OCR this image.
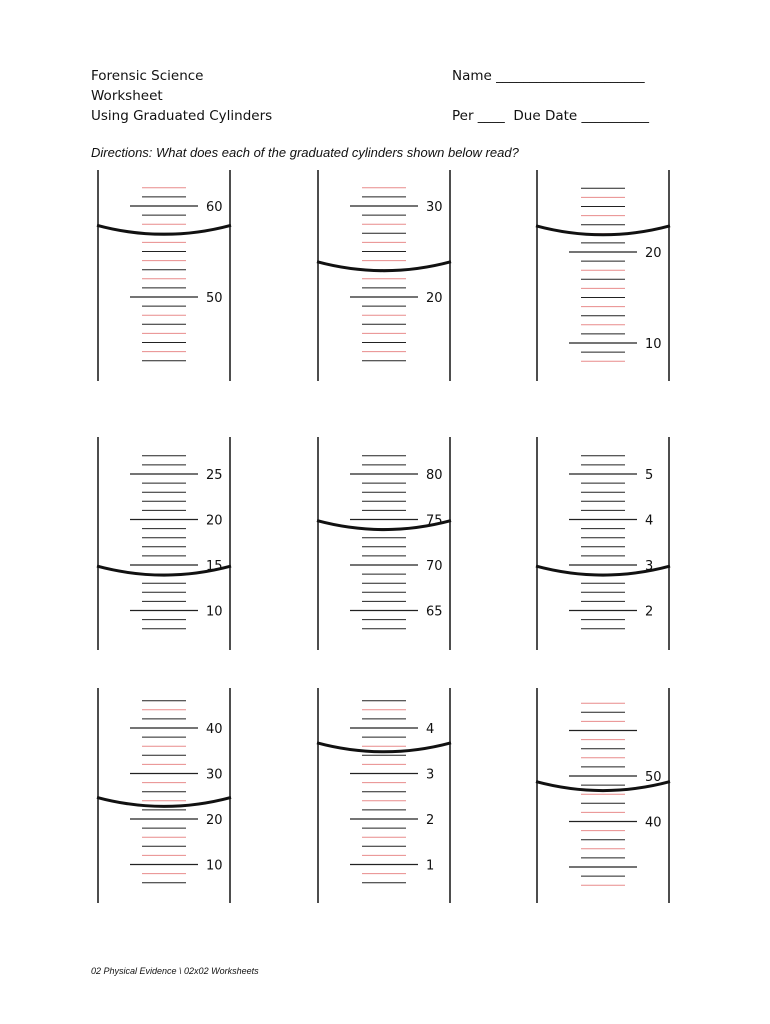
Forensic Science
Worksheet
Using Graduated Cylinders
Name ______________________
Per ____ Due Date __________
Directions: What does each of the graduated cylinders shown below read?
60
50
30
20
20
10
25
20
15
10
80
75
70
65
5
4
3
2
40
30
20
10
4
3
2
1
50
40
02 Physical Evidence \ 02x02 Worksheets
